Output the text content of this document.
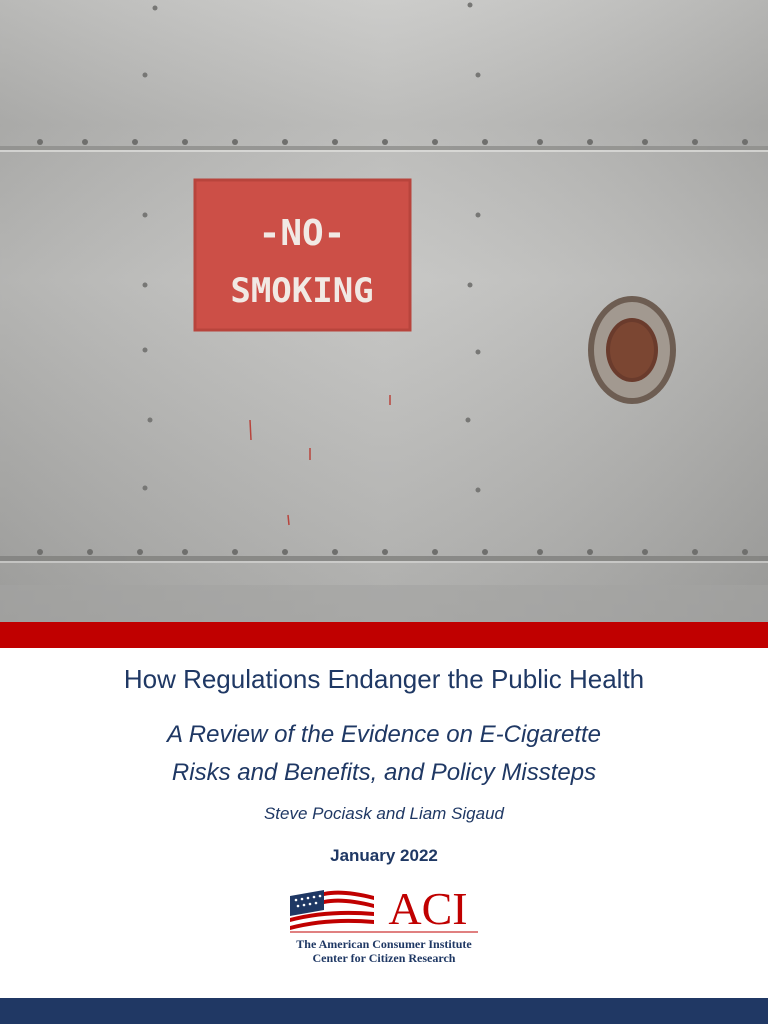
-NO-
SMOKING
How Regulations Endanger the Public Health
A Review of the Evidence on E-Cigarette
Risks and Benefits, and Policy Missteps
Steve Pociask and Liam Sigaud
January 2022
ACI
The American Consumer Institute
Center for Citizen Research
